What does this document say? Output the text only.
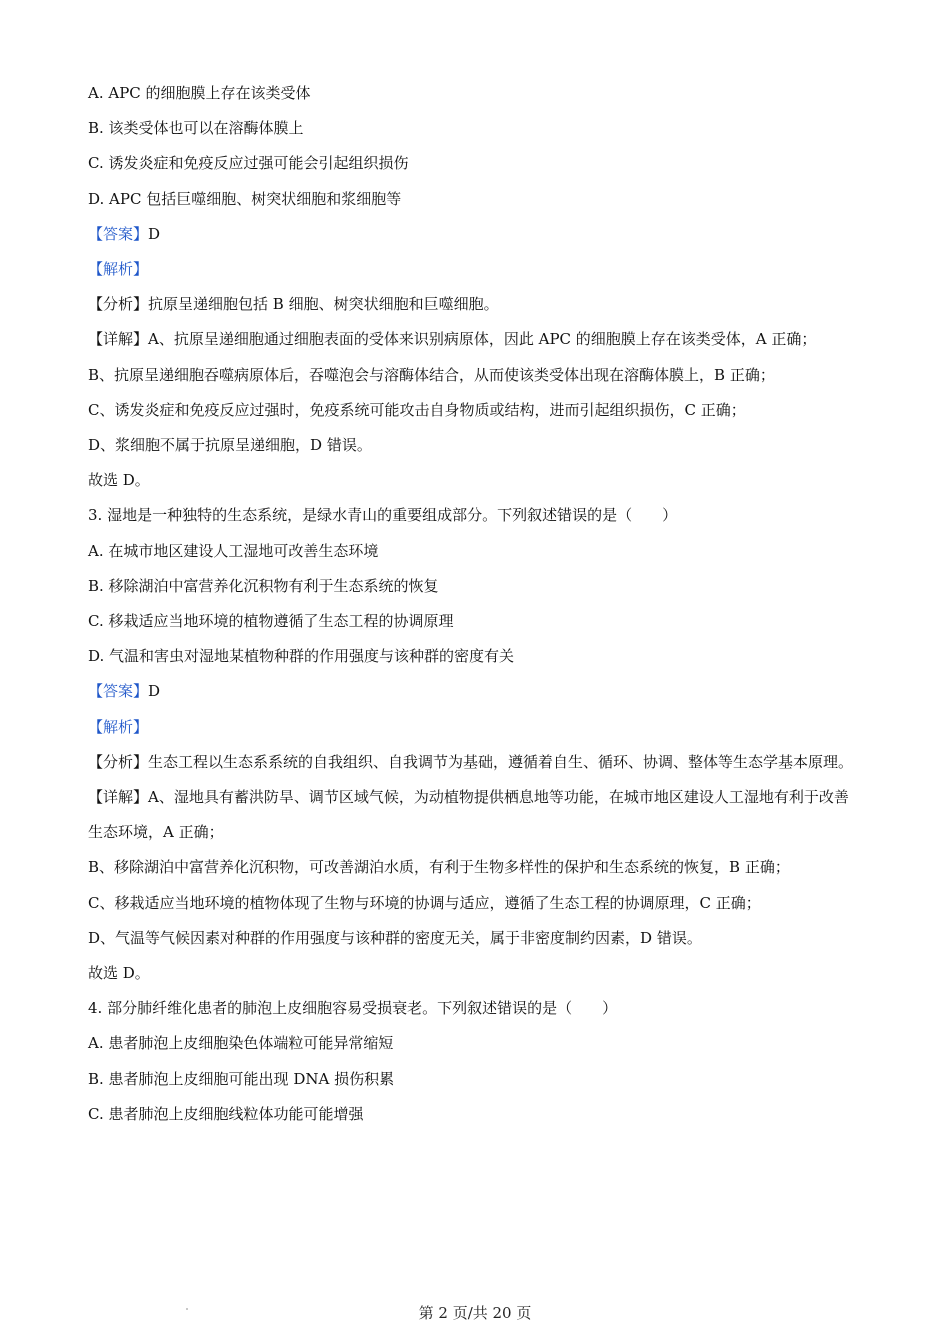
A. APC 的细胞膜上存在该类受体
B. 该类受体也可以在溶酶体膜上
C. 诱发炎症和免疫反应过强可能会引起组织损伤
D. APC 包括巨噬细胞、树突状细胞和浆细胞等
【答案】D
【解析】
【分析】抗原呈递细胞包括 B 细胞、树突状细胞和巨噬细胞。
【详解】A、抗原呈递细胞通过细胞表面的受体来识别病原体，因此 APC 的细胞膜上存在该类受体，A 正确；
B、抗原呈递细胞吞噬病原体后，吞噬泡会与溶酶体结合，从而使该类受体出现在溶酶体膜上，B 正确；
C、诱发炎症和免疫反应过强时，免疫系统可能攻击自身物质或结构，进而引起组织损伤，C 正确；
D、浆细胞不属于抗原呈递细胞，D 错误。
故选 D。
3. 湿地是一种独特的生态系统，是绿水青山的重要组成部分。下列叙述错误的是（　　）
A. 在城市地区建设人工湿地可改善生态环境
B. 移除湖泊中富营养化沉积物有利于生态系统的恢复
C. 移栽适应当地环境的植物遵循了生态工程的协调原理
D. 气温和害虫对湿地某植物种群的作用强度与该种群的密度有关
【答案】D
【解析】
【分析】生态工程以生态系系统的自我组织、自我调节为基础，遵循着自生、循环、协调、整体等生态学基本原理。
【详解】A、湿地具有蓄洪防旱、调节区域气候，为动植物提供栖息地等功能，在城市地区建设人工湿地有利于改善生态环境，A 正确；
B、移除湖泊中富营养化沉积物，可改善湖泊水质，有利于生物多样性的保护和生态系统的恢复，B 正确；
C、移栽适应当地环境的植物体现了生物与环境的协调与适应，遵循了生态工程的协调原理，C 正确；
D、气温等气候因素对种群的作用强度与该种群的密度无关，属于非密度制约因素，D 错误。
故选 D。
4. 部分肺纤维化患者的肺泡上皮细胞容易受损衰老。下列叙述错误的是（　　）
A. 患者肺泡上皮细胞染色体端粒可能异常缩短
B. 患者肺泡上皮细胞可能出现 DNA 损伤积累
C. 患者肺泡上皮细胞线粒体功能可能增强
第 2 页/共 20 页
